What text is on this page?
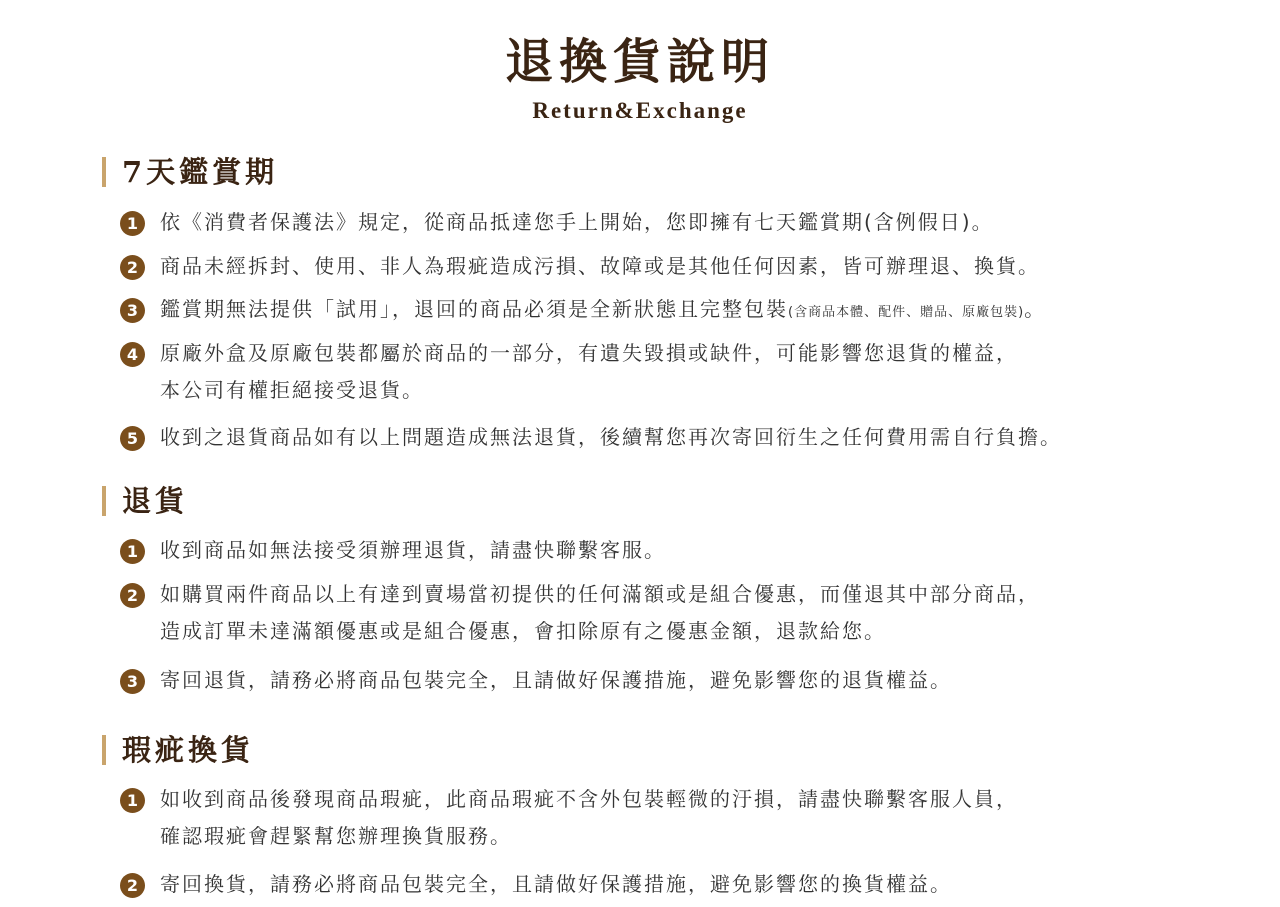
退換貨說明
Return&Exchange
7天鑑賞期
1	依《消費者保護法》規定，從商品抵達您手上開始，您即擁有七天鑑賞期(含例假日)。
2	商品未經拆封、使用、非人為瑕疵造成污損、故障或是其他任何因素，皆可辦理退、換貨。
3	鑑賞期無法提供「試用」，退回的商品必須是全新狀態且完整包裝(含商品本體、配件、贈品、原廠包裝)。
4	原廠外盒及原廠包裝都屬於商品的一部分，有遺失毀損或缺件，可能影響您退貨的權益，
本公司有權拒絕接受退貨。
5	收到之退貨商品如有以上問題造成無法退貨，後續幫您再次寄回衍生之任何費用需自行負擔。
退貨
1	收到商品如無法接受須辦理退貨，請盡快聯繫客服。
2	如購買兩件商品以上有達到賣場當初提供的任何滿額或是組合優惠，而僅退其中部分商品，
造成訂單未達滿額優惠或是組合優惠，會扣除原有之優惠金額，退款給您。
3	寄回退貨，請務必將商品包裝完全，且請做好保護措施，避免影響您的退貨權益。
瑕疵換貨
1	如收到商品後發現商品瑕疵，此商品瑕疵不含外包裝輕微的汙損，請盡快聯繫客服人員，
確認瑕疵會趕緊幫您辦理換貨服務。
2	寄回換貨，請務必將商品包裝完全，且請做好保護措施，避免影響您的換貨權益。
